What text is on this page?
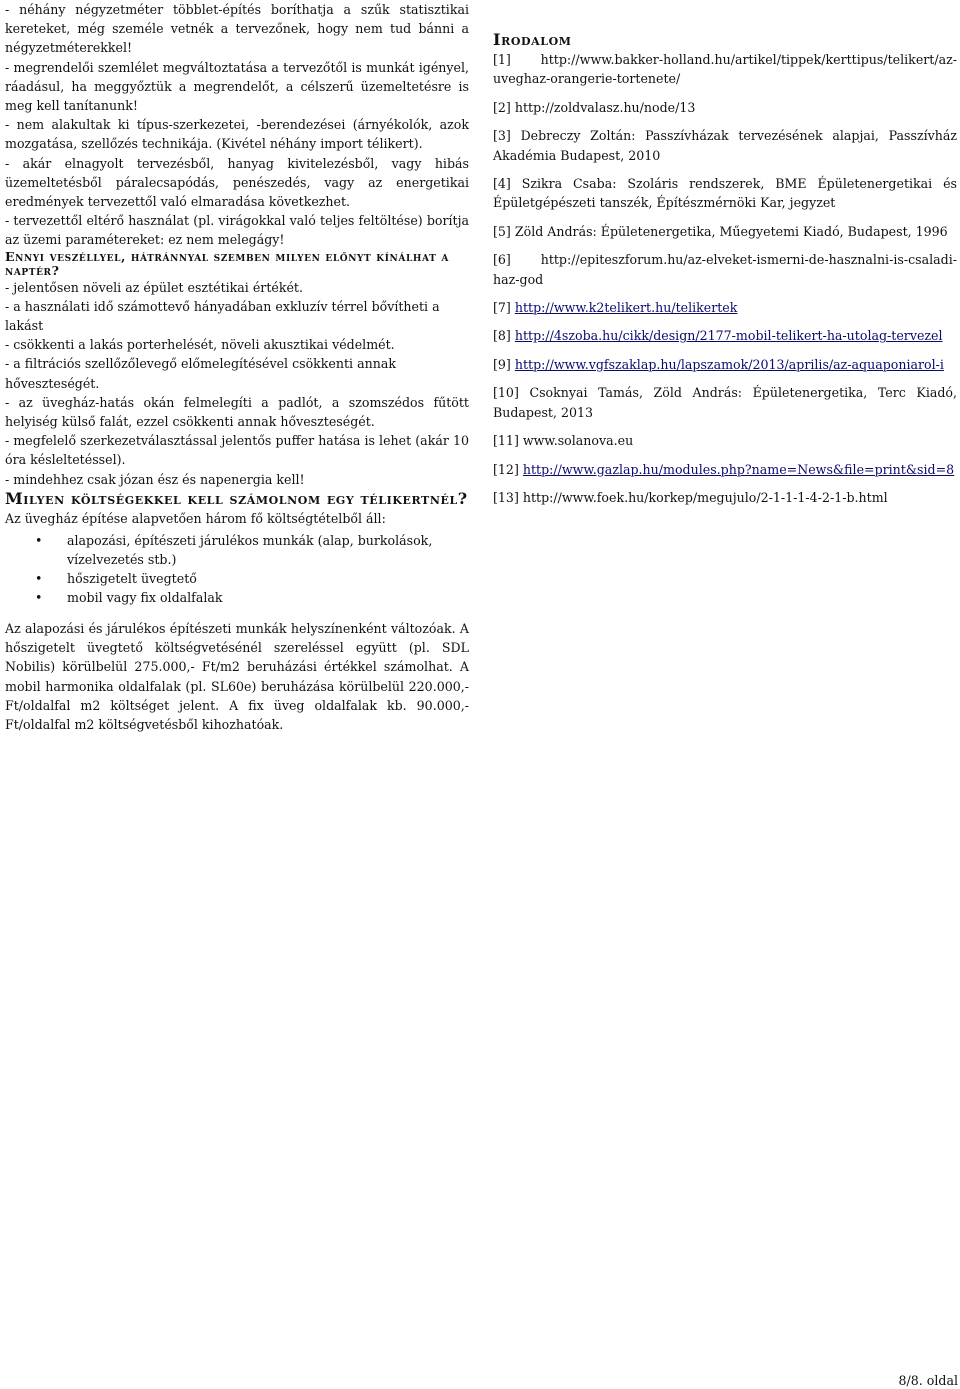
- néhány négyzetméter többlet-építés boríthatja a szűk statisztikai kereteket, még személe vetnék a tervezőnek, hogy nem tud bánni a négyzetméterekkel!

- megrendelői szemlélet megváltoztatása a tervezőtől is munkát igényel, ráadásul, ha meggyőztük a megrendelőt, a célszerű üzemeltetésre is meg kell tanítanunk!

- nem alakultak ki típus-szerkezetei, -berendezései (árnyékolók, azok mozgatása, szellőzés technikája. (Kivétel néhány import télikert).

- akár elnagyolt tervezésből, hanyag kivitelezésből, vagy hibás üzemeltetésből páralecsapódás, penészedés, vagy az energetikai eredmények tervezettől való elmaradása következhet.

- tervezettől eltérő használat (pl. virágokkal való teljes feltöltése) borítja az üzemi paramétereket: ez nem melegágy!

Ennyi veszéllyel, hátránnyal szemben milyen előnyt kínálhat a naptér?

- jelentősen növeli az épület esztétikai értékét.

- a használati idő számottevő hányadában exkluzív térrel bővítheti a lakást

- csökkenti a lakás porterhelését, növeli akusztikai védelmét.

- a filtrációs szellőzőlevegő előmelegítésével csökkenti annak hőveszteségét.

- az üvegház-hatás okán felmelegíti a padlót, a szomszédos fűtött helyiség külső falát, ezzel csökkenti annak hőveszteségét.

- megfelelő szerkezetválasztással jelentős puffer hatása is lehet (akár 10 óra késleltetéssel).

- mindehhez csak józan ész és napenergia kell!

Milyen költségekkel kell számolnom egy télikertnél?

Az üvegház építése alapvetően három fő költségtételből áll:

• alapozási, építészeti járulékos munkák (alap, burkolások, vízelvezetés stb.)
• hőszigetelt üvegtető
• mobil vagy fix oldalfalak

Az alapozási és járulékos építészeti munkák helyszínenként változóak. A hőszigetelt üvegtető költségvetésénél szereléssel együtt (pl. SDL Nobilis) körülbelül 275.000,- Ft/m2 beruházási értékkel számolhat. A mobil harmonika oldalfalak (pl. SL60e) beruházása körülbelül 220.000,- Ft/oldalfal m2 költséget jelent. A fix üveg oldalfalak kb. 90.000,- Ft/oldalfal m2 költségvetésből kihozhatóak.

Irodalom

[1] http://www.bakker-holland.hu/artikel/tippek/kerttipus/telikert/az-uveghaz-orangerie-tortenete/

[2] http://zoldvalasz.hu/node/13

[3] Debreczy Zoltán: Passzívházak tervezésének alapjai, Passzívház Akadémia Budapest, 2010

[4] Szikra Csaba: Szoláris rendszerek, BME Épületenergetikai és Épületgépészeti tanszék, Építészmérnöki Kar, jegyzet

[5] Zöld András: Épületenergetika, Műegyetemi Kiadó, Budapest, 1996

[6] http://epiteszforum.hu/az-elveket-ismerni-de-hasznalni-is-csaladi-haz-god

[7] http://www.k2telikert.hu/telikertek

[8] http://4szoba.hu/cikk/design/2177-mobil-telikert-ha-utolag-tervezel

[9] http://www.vgfszaklap.hu/lapszamok/2013/aprilis/az-aquaponiarol-i

[10] Csoknyai Tamás, Zöld András: Épületenergetika, Terc Kiadó, Budapest, 2013

[11] www.solanova.eu

[12] http://www.gazlap.hu/modules.php?name=News&file=print&sid=8

[13] http://www.foek.hu/korkep/megujulo/2-1-1-1-4-2-1-b.html

8/8. oldal
